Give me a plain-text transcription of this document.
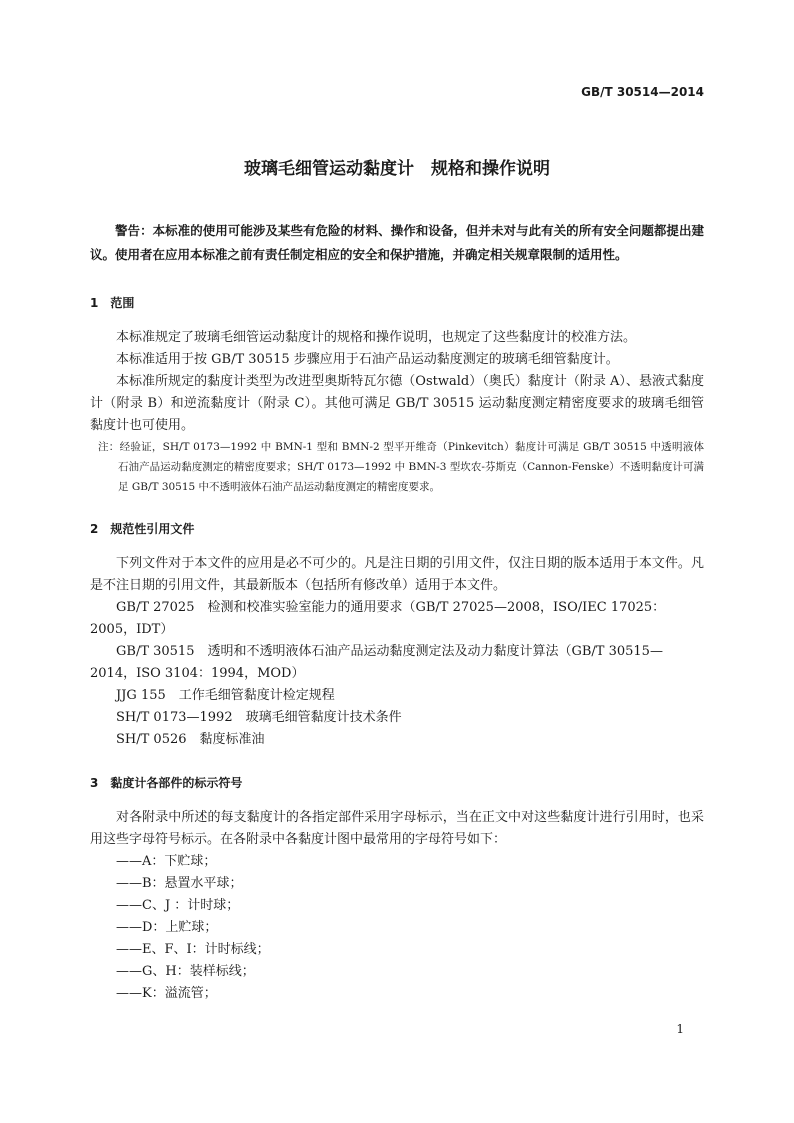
GB/T 30514—2014
玻璃毛细管运动黏度计　规格和操作说明

警告：本标准的使用可能涉及某些有危险的材料、操作和设备，但并未对与此有关的所有安全问题都提出建议。使用者在应用本标准之前有责任制定相应的安全和保护措施，并确定相关规章限制的适用性。

1　范围

本标准规定了玻璃毛细管运动黏度计的规格和操作说明，也规定了这些黏度计的校准方法。

本标准适用于按 GB/T 30515 步骤应用于石油产品运动黏度测定的玻璃毛细管黏度计。

本标准所规定的黏度计类型为改进型奥斯特瓦尔德（Ostwald）（奥氏）黏度计（附录 A）、悬液式黏度计（附录 B）和逆流黏度计（附录 C）。其他可满足 GB/T 30515 运动黏度测定精密度要求的玻璃毛细管黏度计也可使用。

注：经验证，SH/T 0173—1992 中 BMN-1 型和 BMN-2 型平开维奇（Pinkevitch）黏度计可满足 GB/T 30515 中透明液体石油产品运动黏度测定的精密度要求；SH/T 0173—1992 中 BMN-3 型坎农-芬斯克（Cannon-Fenske）不透明黏度计可满足 GB/T 30515 中不透明液体石油产品运动黏度测定的精密度要求。

2　规范性引用文件

下列文件对于本文件的应用是必不可少的。凡是注日期的引用文件，仅注日期的版本适用于本文件。凡是不注日期的引用文件，其最新版本（包括所有修改单）适用于本文件。

GB/T 27025　检测和校准实验室能力的通用要求（GB/T 27025—2008，ISO/IEC 17025：2005，IDT）

GB/T 30515　透明和不透明液体石油产品运动黏度测定法及动力黏度计算法（GB/T 30515—2014，ISO 3104：1994，MOD）

JJG 155　工作毛细管黏度计检定规程

SH/T 0173—1992　玻璃毛细管黏度计技术条件

SH/T 0526　黏度标准油

3　黏度计各部件的标示符号

对各附录中所述的每支黏度计的各指定部件采用字母标示，当在正文中对这些黏度计进行引用时，也采用这些字母符号标示。在各附录中各黏度计图中最常用的字母符号如下：

——A：下贮球；

——B：悬置水平球；

——C、J ：计时球；

——D：上贮球；

——E、F、I：计时标线；

——G、H：装样标线；

——K：溢流管；

1
